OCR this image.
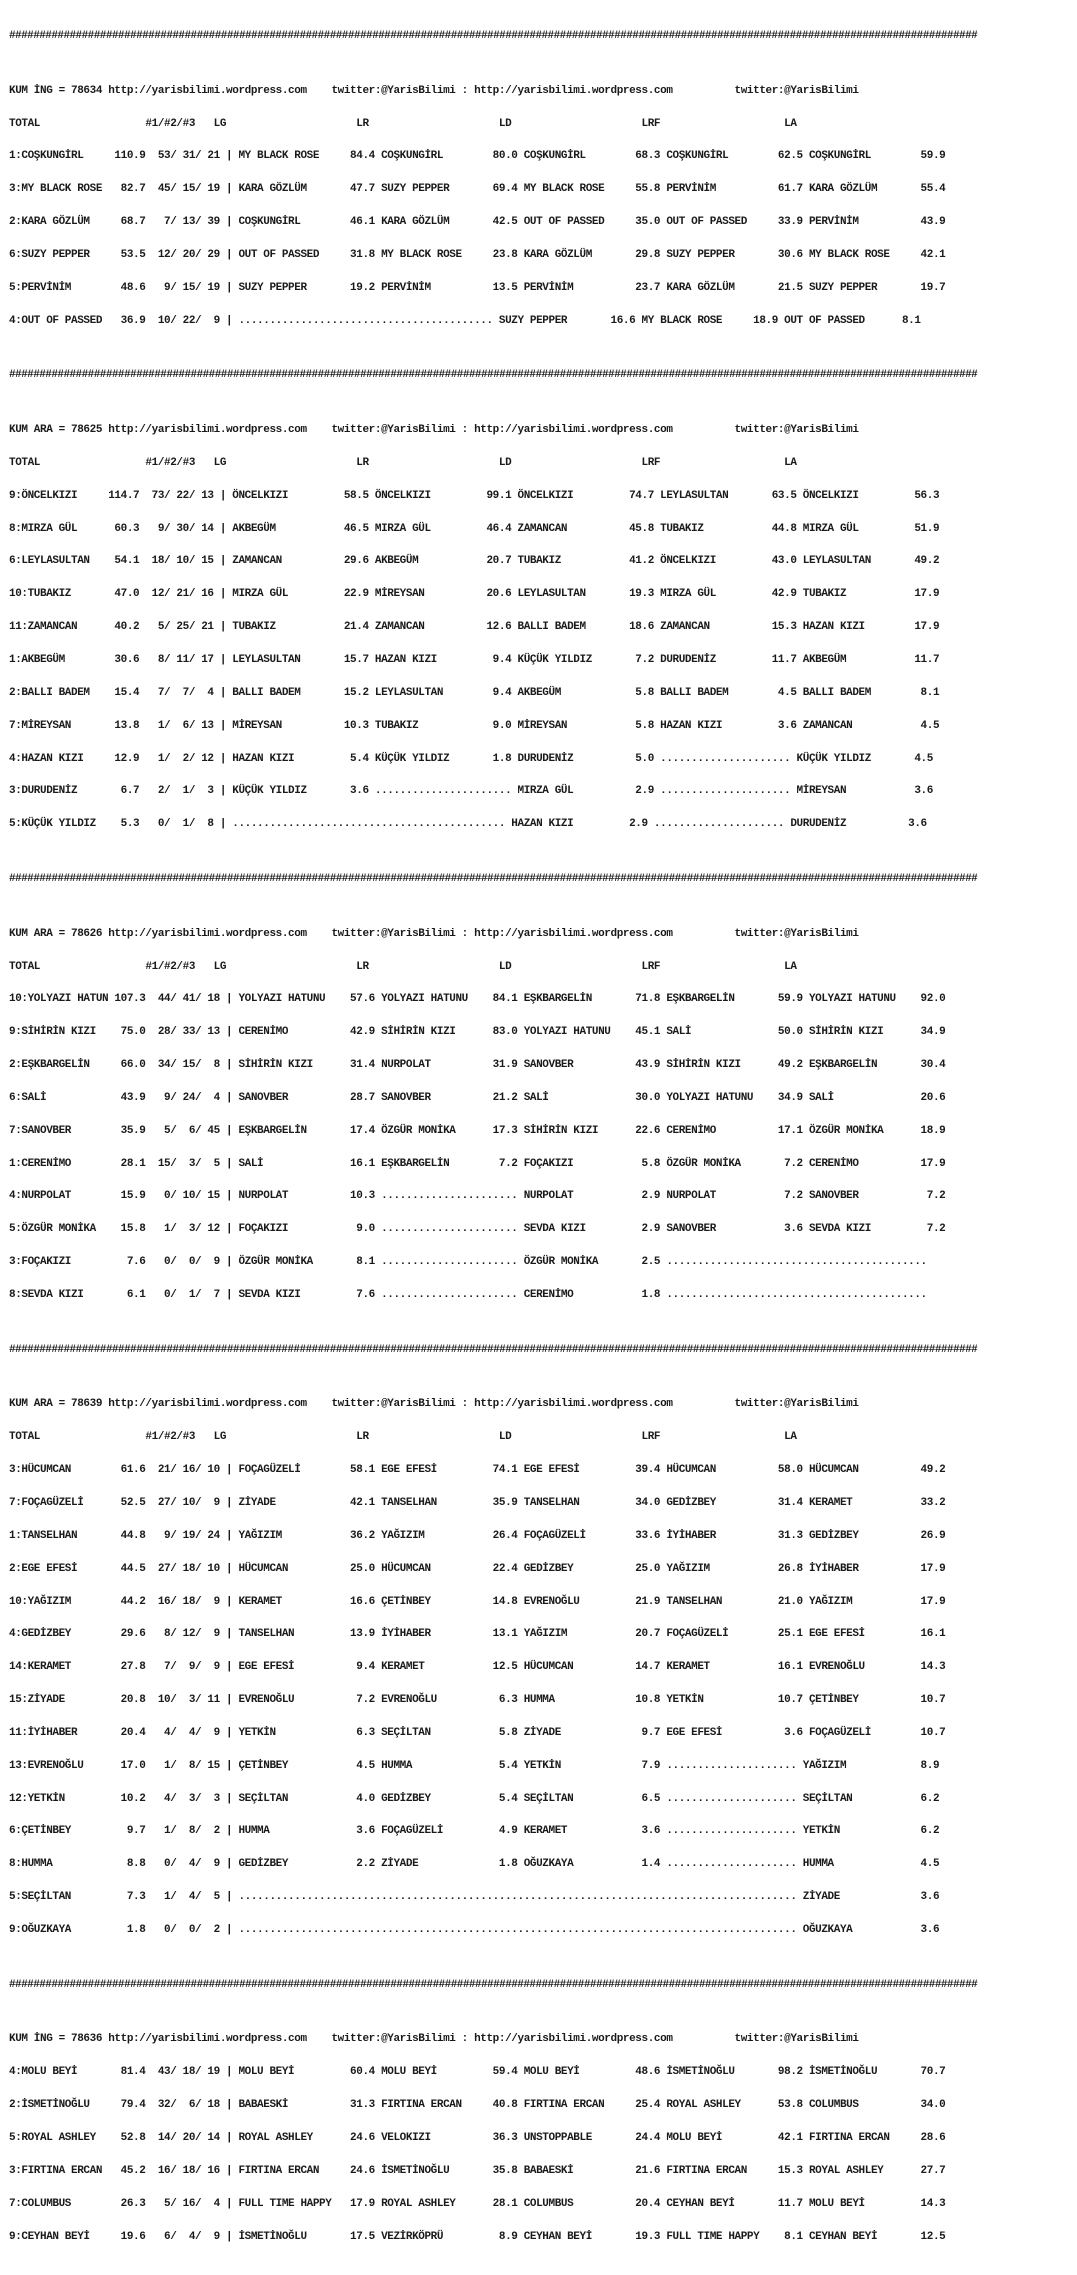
################################################################################################################################################################

KUM İNG = 78634 http://yarisbilimi.wordpress.com    twitter:@YarisBilimi : http://yarisbilimi.wordpress.com          twitter:@YarisBilimi

TOTAL                 #1/#2/#3   LG                     LR                     LD                     LRF                    LA

1:COŞKUNGİRL     110.9  53/ 31/ 21 | MY BLACK ROSE     84.4 COŞKUNGİRL        80.0 COŞKUNGİRL        68.3 COŞKUNGİRL        62.5 COŞKUNGİRL        59.9

3:MY BLACK ROSE   82.7  45/ 15/ 19 | KARA GÖZLÜM       47.7 SUZY PEPPER       69.4 MY BLACK ROSE     55.8 PERVİNİM          61.7 KARA GÖZLÜM       55.4

2:KARA GÖZLÜM     68.7   7/ 13/ 39 | COŞKUNGİRL        46.1 KARA GÖZLÜM       42.5 OUT OF PASSED     35.0 OUT OF PASSED     33.9 PERVİNİM          43.9

6:SUZY PEPPER     53.5  12/ 20/ 29 | OUT OF PASSED     31.8 MY BLACK ROSE     23.8 KARA GÖZLÜM       29.8 SUZY PEPPER       30.6 MY BLACK ROSE     42.1

5:PERVİNİM        48.6   9/ 15/ 19 | SUZY PEPPER       19.2 PERVİNİM          13.5 PERVİNİM          23.7 KARA GÖZLÜM       21.5 SUZY PEPPER       19.7

4:OUT OF PASSED   36.9  10/ 22/  9 | ......................................... SUZY PEPPER       16.6 MY BLACK ROSE     18.9 OUT OF PASSED      8.1

################################################################################################################################################################

KUM ARA = 78625 http://yarisbilimi.wordpress.com    twitter:@YarisBilimi : http://yarisbilimi.wordpress.com          twitter:@YarisBilimi

TOTAL                 #1/#2/#3   LG                     LR                     LD                     LRF                    LA

9:ÖNCELKIZI     114.7  73/ 22/ 13 | ÖNCELKIZI         58.5 ÖNCELKIZI         99.1 ÖNCELKIZI         74.7 LEYLASULTAN       63.5 ÖNCELKIZI         56.3

8:MIRZA GÜL      60.3   9/ 30/ 14 | AKBEGÜM           46.5 MIRZA GÜL         46.4 ZAMANCAN          45.8 TUBAKIZ           44.8 MIRZA GÜL         51.9

6:LEYLASULTAN    54.1  18/ 10/ 15 | ZAMANCAN          29.6 AKBEGÜM           20.7 TUBAKIZ           41.2 ÖNCELKIZI         43.0 LEYLASULTAN       49.2

10:TUBAKIZ       47.0  12/ 21/ 16 | MIRZA GÜL         22.9 MİREYSAN          20.6 LEYLASULTAN       19.3 MIRZA GÜL         42.9 TUBAKIZ           17.9

11:ZAMANCAN      40.2   5/ 25/ 21 | TUBAKIZ           21.4 ZAMANCAN          12.6 BALLI BADEM       18.6 ZAMANCAN          15.3 HAZAN KIZI        17.9

1:AKBEGÜM        30.6   8/ 11/ 17 | LEYLASULTAN       15.7 HAZAN KIZI         9.4 KÜÇÜK YILDIZ       7.2 DURUDENİZ         11.7 AKBEGÜM           11.7

2:BALLI BADEM    15.4   7/  7/  4 | BALLI BADEM       15.2 LEYLASULTAN        9.4 AKBEGÜM            5.8 BALLI BADEM        4.5 BALLI BADEM        8.1

7:MİREYSAN       13.8   1/  6/ 13 | MİREYSAN          10.3 TUBAKIZ            9.0 MİREYSAN           5.8 HAZAN KIZI         3.6 ZAMANCAN           4.5

4:HAZAN KIZI     12.9   1/  2/ 12 | HAZAN KIZI         5.4 KÜÇÜK YILDIZ       1.8 DURUDENİZ          5.0 ..................... KÜÇÜK YILDIZ       4.5

3:DURUDENİZ       6.7   2/  1/  3 | KÜÇÜK YILDIZ       3.6 ...................... MIRZA GÜL          2.9 ..................... MİREYSAN           3.6

5:KÜÇÜK YILDIZ    5.3   0/  1/  8 | ............................................ HAZAN KIZI         2.9 ..................... DURUDENİZ          3.6

################################################################################################################################################################

KUM ARA = 78626 http://yarisbilimi.wordpress.com    twitter:@YarisBilimi : http://yarisbilimi.wordpress.com          twitter:@YarisBilimi

TOTAL                 #1/#2/#3   LG                     LR                     LD                     LRF                    LA

10:YOLYAZI HATUN 107.3  44/ 41/ 18 | YOLYAZI HATUNU    57.6 YOLYAZI HATUNU    84.1 EŞKBARGELİN       71.8 EŞKBARGELİN       59.9 YOLYAZI HATUNU    92.0

9:SİHİRİN KIZI    75.0  28/ 33/ 13 | CERENİMO          42.9 SİHİRİN KIZI      83.0 YOLYAZI HATUNU    45.1 SALİ              50.0 SİHİRİN KIZI      34.9

2:EŞKBARGELİN     66.0  34/ 15/  8 | SİHİRİN KIZI      31.4 NURPOLAT          31.9 SANOVBER          43.9 SİHİRİN KIZI      49.2 EŞKBARGELİN       30.4

6:SALİ            43.9   9/ 24/  4 | SANOVBER          28.7 SANOVBER          21.2 SALİ              30.0 YOLYAZI HATUNU    34.9 SALİ              20.6

7:SANOVBER        35.9   5/  6/ 45 | EŞKBARGELİN       17.4 ÖZGÜR MONİKA      17.3 SİHİRİN KIZI      22.6 CERENİMO          17.1 ÖZGÜR MONİKA      18.9

1:CERENİMO        28.1  15/  3/  5 | SALİ              16.1 EŞKBARGELİN        7.2 FOÇAKIZI           5.8 ÖZGÜR MONİKA       7.2 CERENİMO          17.9

4:NURPOLAT        15.9   0/ 10/ 15 | NURPOLAT          10.3 ...................... NURPOLAT           2.9 NURPOLAT           7.2 SANOVBER           7.2

5:ÖZGÜR MONİKA    15.8   1/  3/ 12 | FOÇAKIZI           9.0 ...................... SEVDA KIZI         2.9 SANOVBER           3.6 SEVDA KIZI         7.2

3:FOÇAKIZI         7.6   0/  0/  9 | ÖZGÜR MONİKA       8.1 ...................... ÖZGÜR MONİKA       2.5 ..........................................

8:SEVDA KIZI       6.1   0/  1/  7 | SEVDA KIZI         7.6 ...................... CERENİMO           1.8 ..........................................

################################################################################################################################################################

KUM ARA = 78639 http://yarisbilimi.wordpress.com    twitter:@YarisBilimi : http://yarisbilimi.wordpress.com          twitter:@YarisBilimi

TOTAL                 #1/#2/#3   LG                     LR                     LD                     LRF                    LA

3:HÜCUMCAN        61.6  21/ 16/ 10 | FOÇAGÜZELİ        58.1 EGE EFESİ         74.1 EGE EFESİ         39.4 HÜCUMCAN          58.0 HÜCUMCAN          49.2

7:FOÇAGÜZELİ      52.5  27/ 10/  9 | ZİYADE            42.1 TANSELHAN         35.9 TANSELHAN         34.0 GEDİZBEY          31.4 KERAMET           33.2

1:TANSELHAN       44.8   9/ 19/ 24 | YAĞIZIM           36.2 YAĞIZIM           26.4 FOÇAGÜZELİ        33.6 İYİHABER          31.3 GEDİZBEY          26.9

2:EGE EFESİ       44.5  27/ 18/ 10 | HÜCUMCAN          25.0 HÜCUMCAN          22.4 GEDİZBEY          25.0 YAĞIZIM           26.8 İYİHABER          17.9

10:YAĞIZIM        44.2  16/ 18/  9 | KERAMET           16.6 ÇETİNBEY          14.8 EVRENOĞLU         21.9 TANSELHAN         21.0 YAĞIZIM           17.9

4:GEDİZBEY        29.6   8/ 12/  9 | TANSELHAN         13.9 İYİHABER          13.1 YAĞIZIM           20.7 FOÇAGÜZELİ        25.1 EGE EFESİ         16.1

14:KERAMET        27.8   7/  9/  9 | EGE EFESİ          9.4 KERAMET           12.5 HÜCUMCAN          14.7 KERAMET           16.1 EVRENOĞLU         14.3

15:ZİYADE         20.8  10/  3/ 11 | EVRENOĞLU          7.2 EVRENOĞLU          6.3 HUMMA             10.8 YETKİN            10.7 ÇETİNBEY          10.7

11:İYİHABER       20.4   4/  4/  9 | YETKİN             6.3 SEÇİLTAN           5.8 ZİYADE             9.7 EGE EFESİ          3.6 FOÇAGÜZELİ        10.7

13:EVRENOĞLU      17.0   1/  8/ 15 | ÇETİNBEY           4.5 HUMMA              5.4 YETKİN             7.9 ..................... YAĞIZIM            8.9

12:YETKİN         10.2   4/  3/  3 | SEÇİLTAN           4.0 GEDİZBEY           5.4 SEÇİLTAN           6.5 ..................... SEÇİLTAN           6.2

6:ÇETİNBEY         9.7   1/  8/  2 | HUMMA              3.6 FOÇAGÜZELİ         4.9 KERAMET            3.6 ..................... YETKİN             6.2

8:HUMMA            8.8   0/  4/  9 | GEDİZBEY           2.2 ZİYADE             1.8 OĞUZKAYA           1.4 ..................... HUMMA              4.5

5:SEÇİLTAN         7.3   1/  4/  5 | .......................................................................................... ZİYADE             3.6

9:OĞUZKAYA         1.8   0/  0/  2 | .......................................................................................... OĞUZKAYA           3.6

################################################################################################################################################################

KUM İNG = 78636 http://yarisbilimi.wordpress.com    twitter:@YarisBilimi : http://yarisbilimi.wordpress.com          twitter:@YarisBilimi

4:MOLU BEYİ       81.4  43/ 18/ 19 | MOLU BEYİ         60.4 MOLU BEYİ         59.4 MOLU BEYİ         48.6 İSMETİNOĞLU       98.2 İSMETİNOĞLU       70.7

2:İSMETİNOĞLU     79.4  32/  6/ 18 | BABAESKİ          31.3 FIRTINA ERCAN     40.8 FIRTINA ERCAN     25.4 ROYAL ASHLEY      53.8 COLUMBUS          34.0

5:ROYAL ASHLEY    52.8  14/ 20/ 14 | ROYAL ASHLEY      24.6 VELOKIZI          36.3 UNSTOPPABLE       24.4 MOLU BEYİ         42.1 FIRTINA ERCAN     28.6

3:FIRTINA ERCAN   45.2  16/ 18/ 16 | FIRTINA ERCAN     24.6 İSMETİNOĞLU       35.8 BABAESKİ          21.6 FIRTINA ERCAN     15.3 ROYAL ASHLEY      27.7

7:COLUMBUS        26.3   5/ 16/  4 | FULL TIME HAPPY   17.9 ROYAL ASHLEY      28.1 COLUMBUS          20.4 CEYHAN BEYİ       11.7 MOLU BEYİ         14.3

9:CEYHAN BEYİ     19.6   6/  4/  9 | İSMETİNOĞLU       17.5 VEZİRKÖPRÜ         8.9 CEYHAN BEYİ       19.3 FULL TIME HAPPY    8.1 CEYHAN BEYİ       12.5
